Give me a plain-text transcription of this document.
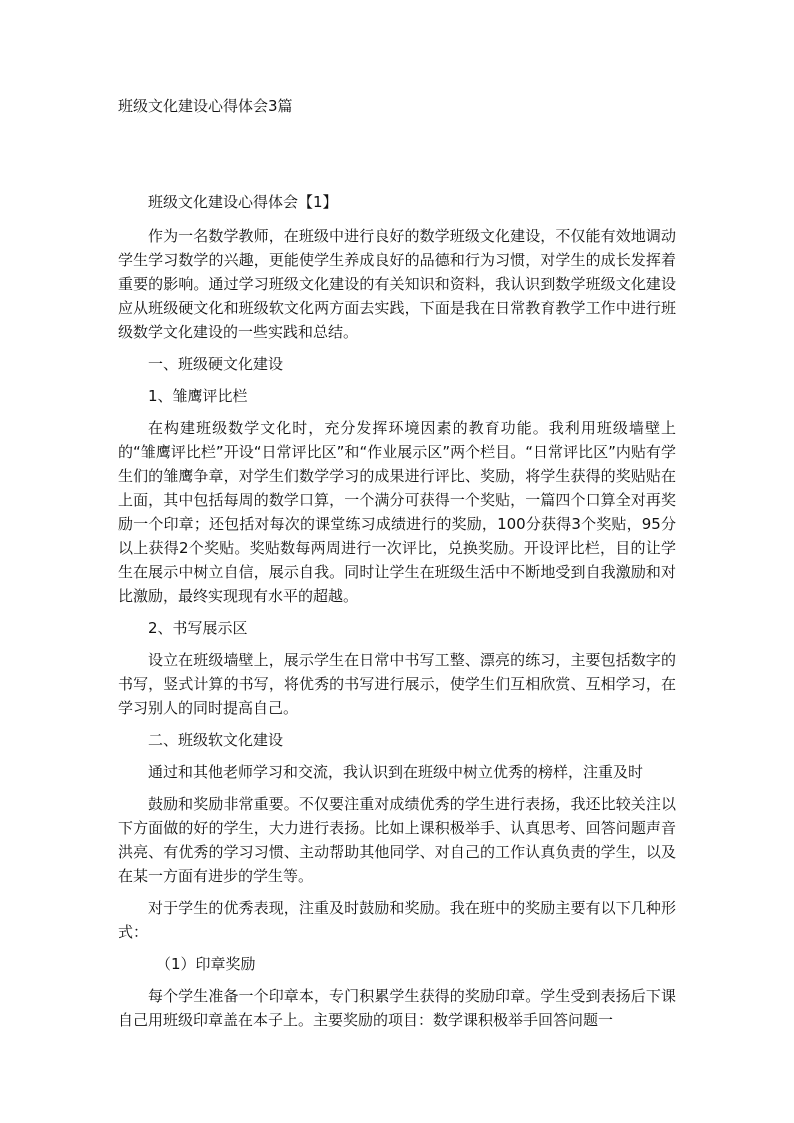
班级文化建设心得体会3篇

班级文化建设心得体会【1】

作为一名数学教师，在班级中进行良好的数学班级文化建设，不仅能有效地调动学生学习数学的兴趣，更能使学生养成良好的品德和行为习惯，对学生的成长发挥着重要的影响。通过学习班级文化建设的有关知识和资料，我认识到数学班级文化建设应从班级硬文化和班级软文化两方面去实践，下面是我在日常教育教学工作中进行班级数学文化建设的一些实践和总结。

一、班级硬文化建设

1、雏鹰评比栏

在构建班级数学文化时，充分发挥环境因素的教育功能。我利用班级墙壁上的“雏鹰评比栏”开设“日常评比区”和“作业展示区”两个栏目。“日常评比区”内贴有学生们的雏鹰争章，对学生们数学学习的成果进行评比、奖励，将学生获得的奖贴贴在上面，其中包括每周的数学口算，一个满分可获得一个奖贴，一篇四个口算全对再奖励一个印章；还包括对每次的课堂练习成绩进行的奖励，100分获得3个奖贴，95分以上获得2个奖贴。奖贴数每两周进行一次评比，兑换奖励。开设评比栏，目的让学生在展示中树立自信，展示自我。同时让学生在班级生活中不断地受到自我激励和对比激励，最终实现现有水平的超越。

2、书写展示区

设立在班级墙壁上，展示学生在日常中书写工整、漂亮的练习，主要包括数字的书写，竖式计算的书写，将优秀的书写进行展示，使学生们互相欣赏、互相学习，在学习别人的同时提高自己。

二、班级软文化建设

通过和其他老师学习和交流，我认识到在班级中树立优秀的榜样，注重及时

鼓励和奖励非常重要。不仅要注重对成绩优秀的学生进行表扬，我还比较关注以下方面做的好的学生，大力进行表扬。比如上课积极举手、认真思考、回答问题声音洪亮、有优秀的学习习惯、主动帮助其他同学、对自己的工作认真负责的学生，以及在某一方面有进步的学生等。

对于学生的优秀表现，注重及时鼓励和奖励。我在班中的奖励主要有以下几种形式：

（1）印章奖励

每个学生准备一个印章本，专门积累学生获得的奖励印章。学生受到表扬后下课自己用班级印章盖在本子上。主要奖励的项目：数学课积极举手回答问题一
